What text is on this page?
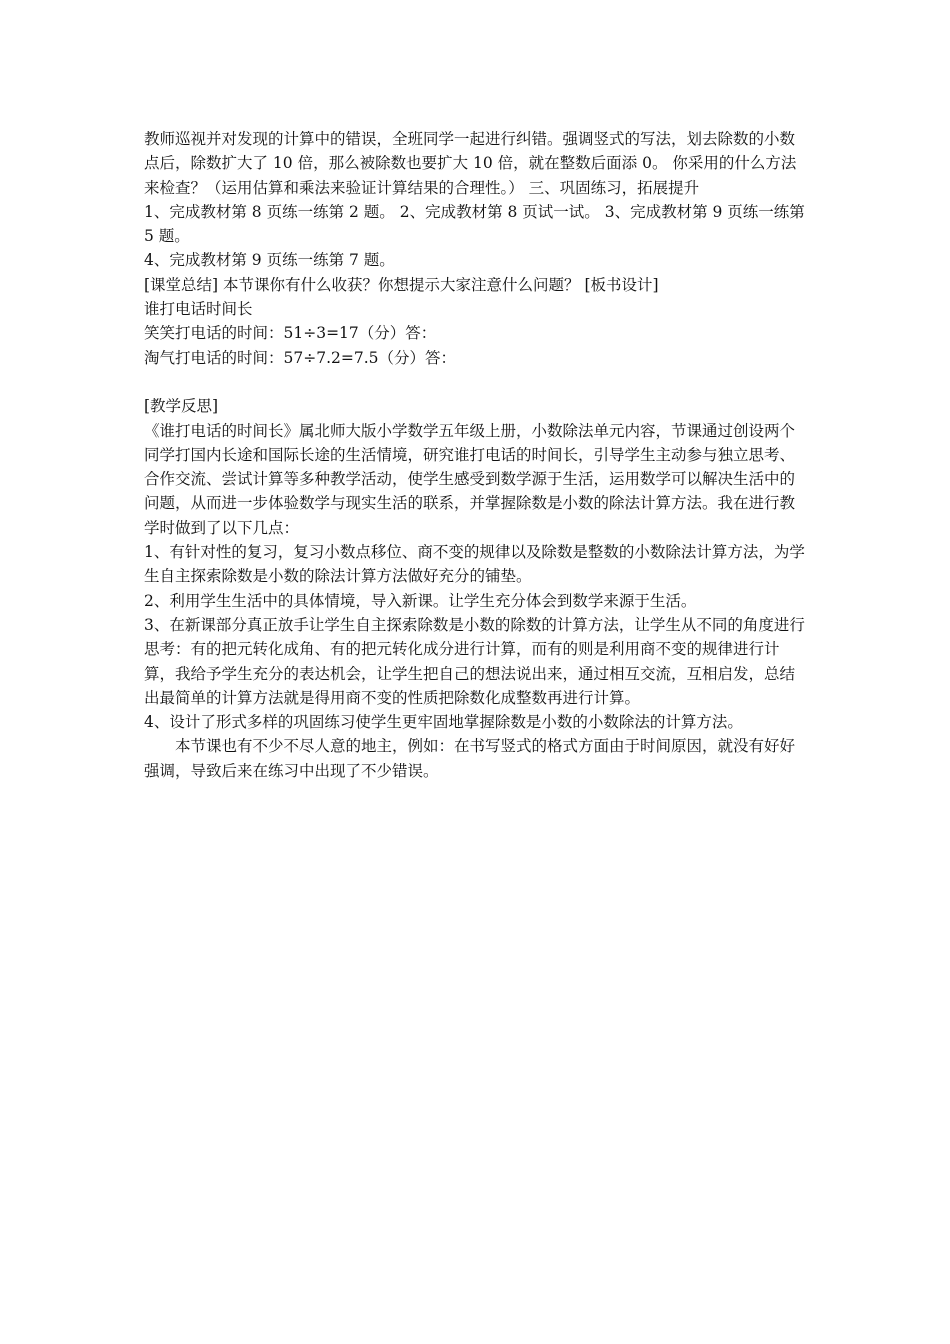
教师巡视并对发现的计算中的错误，全班同学一起进行纠错。强调竖式的写法，划去除数的小数点后，除数扩大了 10 倍，那么被除数也要扩大 10 倍，就在整数后面添 0。 你采用的什么方法来检查？（运用估算和乘法来验证计算结果的合理性。） 三、巩固练习，拓展提升

1、完成教材第 8 页练一练第 2 题。 2、完成教材第 8 页试一试。 3、完成教材第 9 页练一练第 5 题。

4、完成教材第 9 页练一练第 7 题。

[课堂总结] 本节课你有什么收获？你想提示大家注意什么问题？ [板书设计]

谁打电话时间长

笑笑打电话的时间：51÷3=17（分）答：

淘气打电话的时间：57÷7.2=7.5（分）答：

[教学反思]

《谁打电话的时间长》属北师大版小学数学五年级上册，小数除法单元内容，节课通过创设两个同学打国内长途和国际长途的生活情境，研究谁打电话的时间长，引导学生主动参与独立思考、合作交流、尝试计算等多种教学活动，使学生感受到数学源于生活，运用数学可以解决生活中的问题，从而进一步体验数学与现实生活的联系，并掌握除数是小数的除法计算方法。我在进行教学时做到了以下几点：

1、有针对性的复习，复习小数点移位、商不变的规律以及除数是整数的小数除法计算方法，为学生自主探索除数是小数的除法计算方法做好充分的铺垫。

2、利用学生生活中的具体情境，导入新课。让学生充分体会到数学来源于生活。

3、在新课部分真正放手让学生自主探索除数是小数的除数的计算方法，让学生从不同的角度进行思考：有的把元转化成角、有的把元转化成分进行计算，而有的则是利用商不变的规律进行计算，我给予学生充分的表达机会，让学生把自己的想法说出来，通过相互交流，互相启发，总结出最简单的计算方法就是得用商不变的性质把除数化成整数再进行计算。

4、设计了形式多样的巩固练习使学生更牢固地掌握除数是小数的小数除法的计算方法。

本节课也有不少不尽人意的地主，例如：在书写竖式的格式方面由于时间原因，就没有好好强调，导致后来在练习中出现了不少错误。
